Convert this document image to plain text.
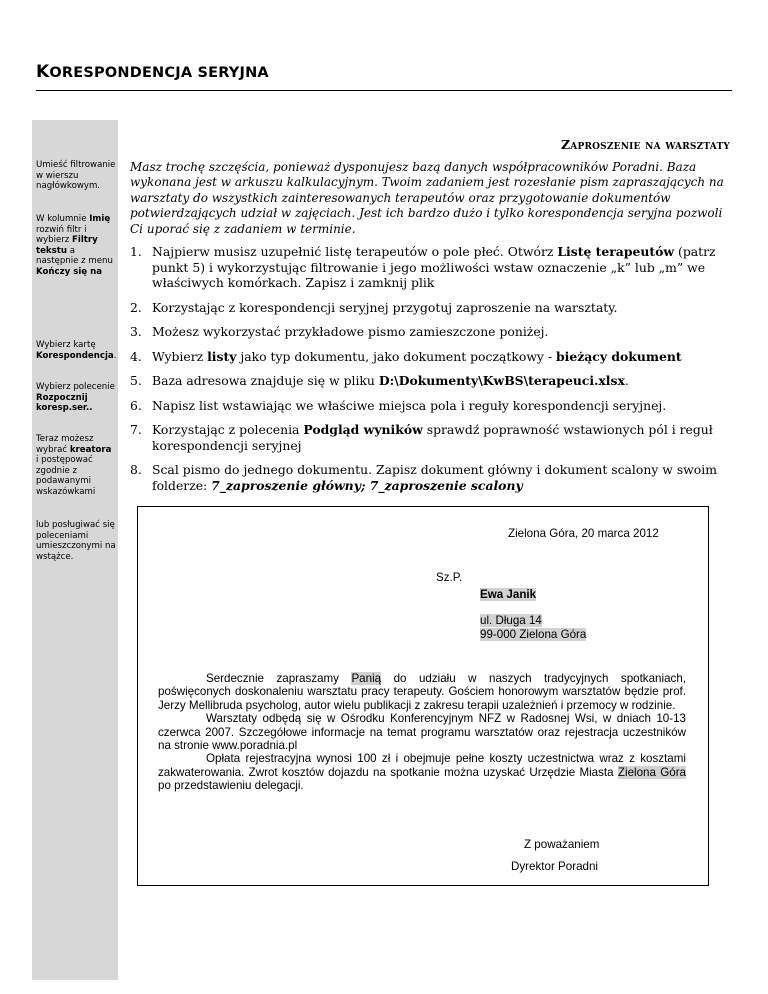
KORESPONDENCJA SERYJNA
Umieść filtrowanie w wierszu nagłówkowym.
W kolumnie Imię rozwiń filtr i wybierz Filtry tekstu a następnie z menu Kończy się na
Wybierz kartę Korespondencja.
Wybierz polecenie Rozpocznij koresp.ser..
Teraz możesz wybrać kreatora i postępować zgodnie z podawanymi wskazówkami
lub posługiwać się poleceniami umieszczonymi na wstążce.
Zaproszenie na warsztaty
Masz trochę szczęścia, ponieważ dysponujesz bazą danych współpracowników Poradni. Baza wykonana jest w arkuszu kalkulacyjnym. Twoim zadaniem jest rozesłanie pism zapraszających na warsztaty do wszystkich zainteresowanych terapeutów oraz przygotowanie dokumentów potwierdzających udział w zajęciach. Jest ich bardzo dużo i tylko korespondencja seryjna pozwoli Ci uporać się z zadaniem w terminie.
1. Najpierw musisz uzupełnić listę terapeutów o pole płeć. Otwórz Listę terapeutów (patrz punkt 5) i wykorzystując filtrowanie i jego możliwości wstaw oznaczenie „k” lub „m” we właściwych komórkach. Zapisz i zamknij plik
2. Korzystając z korespondencji seryjnej przygotuj zaproszenie na warsztaty.
3. Możesz wykorzystać przykładowe pismo zamieszczone poniżej.
4. Wybierz listy jako typ dokumentu, jako dokument początkowy - bieżący dokument
5. Baza adresowa znajduje się w pliku D:\Dokumenty\KwBS\terapeuci.xlsx.
6. Napisz list wstawiając we właściwe miejsca pola i reguły korespondencji seryjnej.
7. Korzystając z polecenia Podgląd wyników sprawdź poprawność wstawionych pól i reguł korespondencji seryjnej
8. Scal pismo do jednego dokumentu. Zapisz dokument główny i dokument scalony w swoim folderze: 7_zaproszenie główny; 7_zaproszenie scalony
Zielona Góra, 20 marca 2012
Sz.P.
Ewa Janik
ul. Długa 14
99-000 Zielona Góra

Serdecznie zapraszamy Panią do udziału w naszych tradycyjnych spotkaniach, poświęconych doskonaleniu warsztatu pracy terapeuty. Gościem honorowym warsztatów będzie prof. Jerzy Mellibruda psycholog, autor wielu publikacji z zakresu terapii uzależnień i przemocy w rodzinie.

Warsztaty odbędą się w Ośrodku Konferencyjnym NFZ w Radosnej Wsi, w dniach 10-13 czerwca 2007. Szczegółowe informacje na temat programu warsztatów oraz rejestracja uczestników na stronie www.poradnia.pl

Opłata rejestracyjna wynosi 100 zł i obejmuje pełne koszty uczestnictwa wraz z kosztami zakwaterowania. Zwrot kosztów dojazdu na spotkanie można uzyskać Urzędzie Miasta Zielona Góra po przedstawieniu delegacji.

Z poważaniem
Dyrektor Poradni
